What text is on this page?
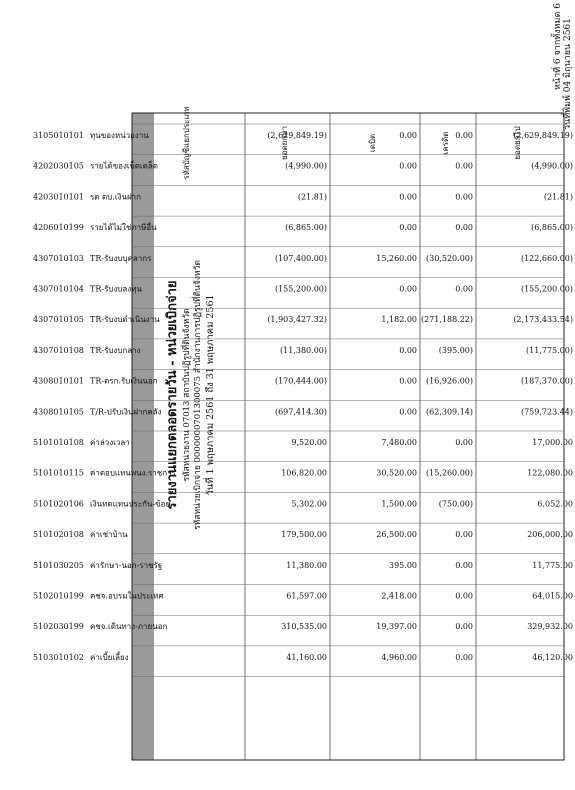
หน้าที่ 6 จากทั้งหมด 6 วันที่พิมพ์ 04 มิถุนายน 2561
รายงานแยกตลอดรายวัน - หน่วยเบิกจ่าย รหัสหน่วยงาน 07013 สถาบันปฏิรูปที่ดินจังหวัด รหัสหน่วยเบิกจ่าย 0000000701300075 สำนักงานการปฏิรูปที่ดินจังหวัด วันที่ 1 พฤษภาคม 2561 ถึง 31 พฤษภาคม 2561
รหัสบัญชีแยกประเภท	ยอดยกมา	เดบิต	เครดิต	ยอดยกไป
3105010101 ทุนของหน่วยงาน	(2,629,849.19)	0.00	0.00	(2,629,849.19)
4202030105 รายได้ของเบ็ดเตล็ด	(4,990.00)	0.00	0.00	(4,990.00)
4203010101 รด ดบ.เงินฝาก	(21.81)	0.00	0.00	(21.81)
4206010199 รายได้ไม่ใช่ภาษีอื่น	(6,865.00)	0.00	0.00	(6,865.00)
4307010103 TR-รับงบบุคลากร	(107,400.00)	15,260.00 (30,520.00)	(122,660.00)
4307010104 TR-รับงบลงทุน	(155,200.00)	0.00	0.00	(155,200.00)
4307010105 TR-รับงบดำเนินงาน	(1,903,427.32)	1,182.00 (271,188.22)	(2,173,433.54)
4307010108 TR-รับงบกลาง	(11,380.00)	0.00	(395.00)	(11,775.00)
4308010101 TR-ตรก.รับเงินนอก	(170,444.00)	0.00 (16,926.00)	(187,370.00)
4308010105 T/R-ปรับเงินฝากคลัง	(697,414.30)	0.00 (62,309.14)	(759,723.44)
5101010108 ค่าล่วงเวลา	9,520.00	7,480.00	0.00	17,000.00
5101010115 ค่าตอบแทนพนง.ราชการ	106,820.00	30,520.00 (15,260.00)	122,080.00
5101020106 เงินทดแทนประกัน-ข้อย	5,302.00	1,500.00	(750.00)	6,052.00
5101020108 ค่าเช่าบ้าน	179,500.00	26,500.00	0.00	206,000.00
5101030205 ค่ารักษา-นอก-ราชรัฐ	11,380.00	395.00	0.00	11,775.00
5102010199 คชจ.อบรมในประเทศ	61,597.00	2,418.00	0.00	64,015.00
5102030199 คชจ.เดินทาง-ภายนอก	310,535.00	19,397.00	0.00	329,932.00
5103010102 ค่าเบี้ยเลี้ยง	41,160.00	4,960.00	0.00	46,120.00
